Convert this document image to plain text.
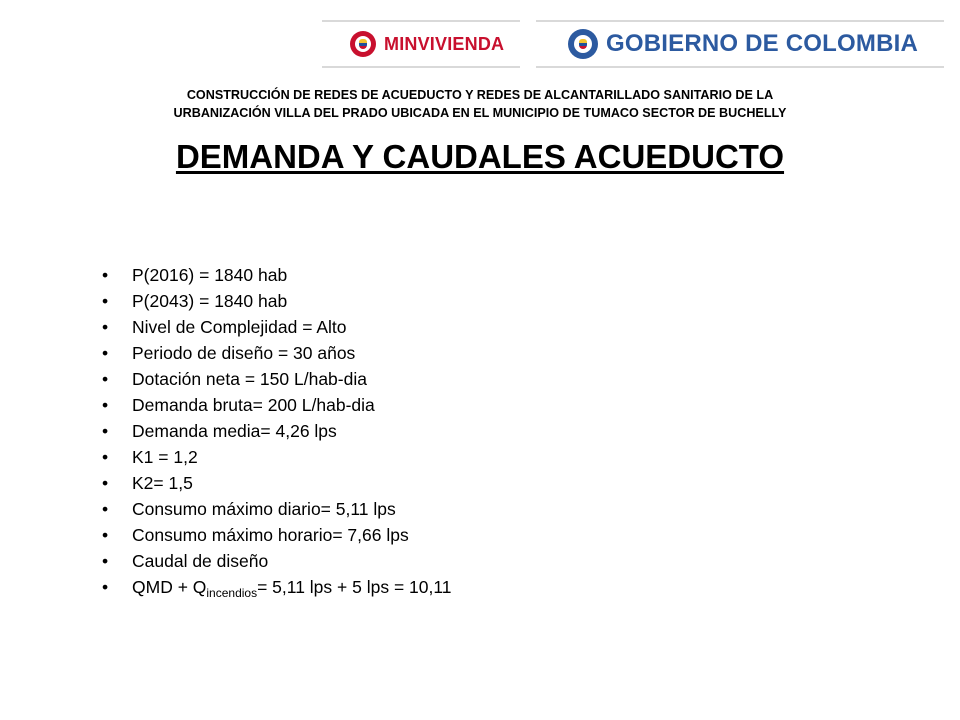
MINVIVIENDA	GOBIERNO DE COLOMBIA
CONSTRUCCIÓN DE REDES DE ACUEDUCTO Y REDES DE ALCANTARILLADO SANITARIO DE LA
URBANIZACIÓN VILLA DEL PRADO UBICADA EN EL MUNICIPIO DE TUMACO SECTOR DE BUCHELLY
DEMANDA Y CAUDALES ACUEDUCTO
• P(2016) = 1840 hab
• P(2043) = 1840 hab
• Nivel de Complejidad = Alto
• Periodo de diseño = 30 años
• Dotación neta = 150 L/hab-dia
• Demanda bruta= 200 L/hab-dia
• Demanda media= 4,26 lps
• K1 = 1,2
• K2= 1,5
• Consumo máximo diario= 5,11 lps
• Consumo máximo horario= 7,66 lps
• Caudal de diseño
• QMD + $Q_{incendios}= 5,11$ lps + 5 lps = 10,11
